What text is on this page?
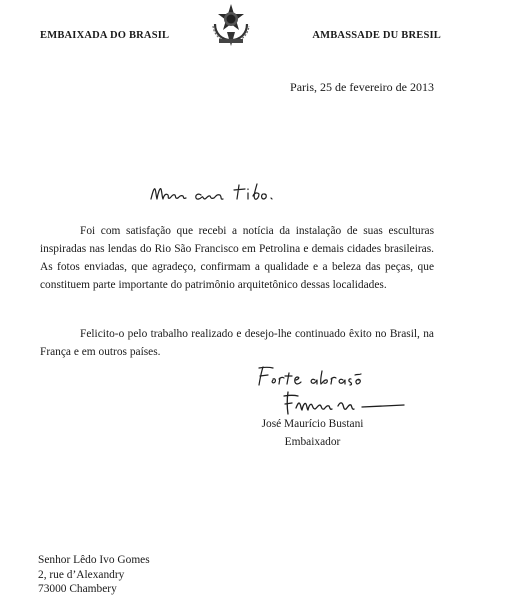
EMBAIXADA DO BRASIL	AMBASSADE DU BRESIL
Paris, 25 de fevereiro de 2013

Foi com satisfação que recebi a notícia da instalação de suas esculturas inspiradas nas lendas do Rio São Francisco em Petrolina e demais cidades brasileiras. As fotos enviadas, que agradeço, confirmam a qualidade e a beleza das peças, que constituem parte importante do patrimônio arquitetônico dessas localidades.

Felicito-o pelo trabalho realizado e desejo-lhe continuado êxito no Brasil, na França e em outros países.

José Maurício Bustani
Embaixador
Senhor Lêdo Ivo Gomes
2, rue d’Alexandry
73000 Chambery
